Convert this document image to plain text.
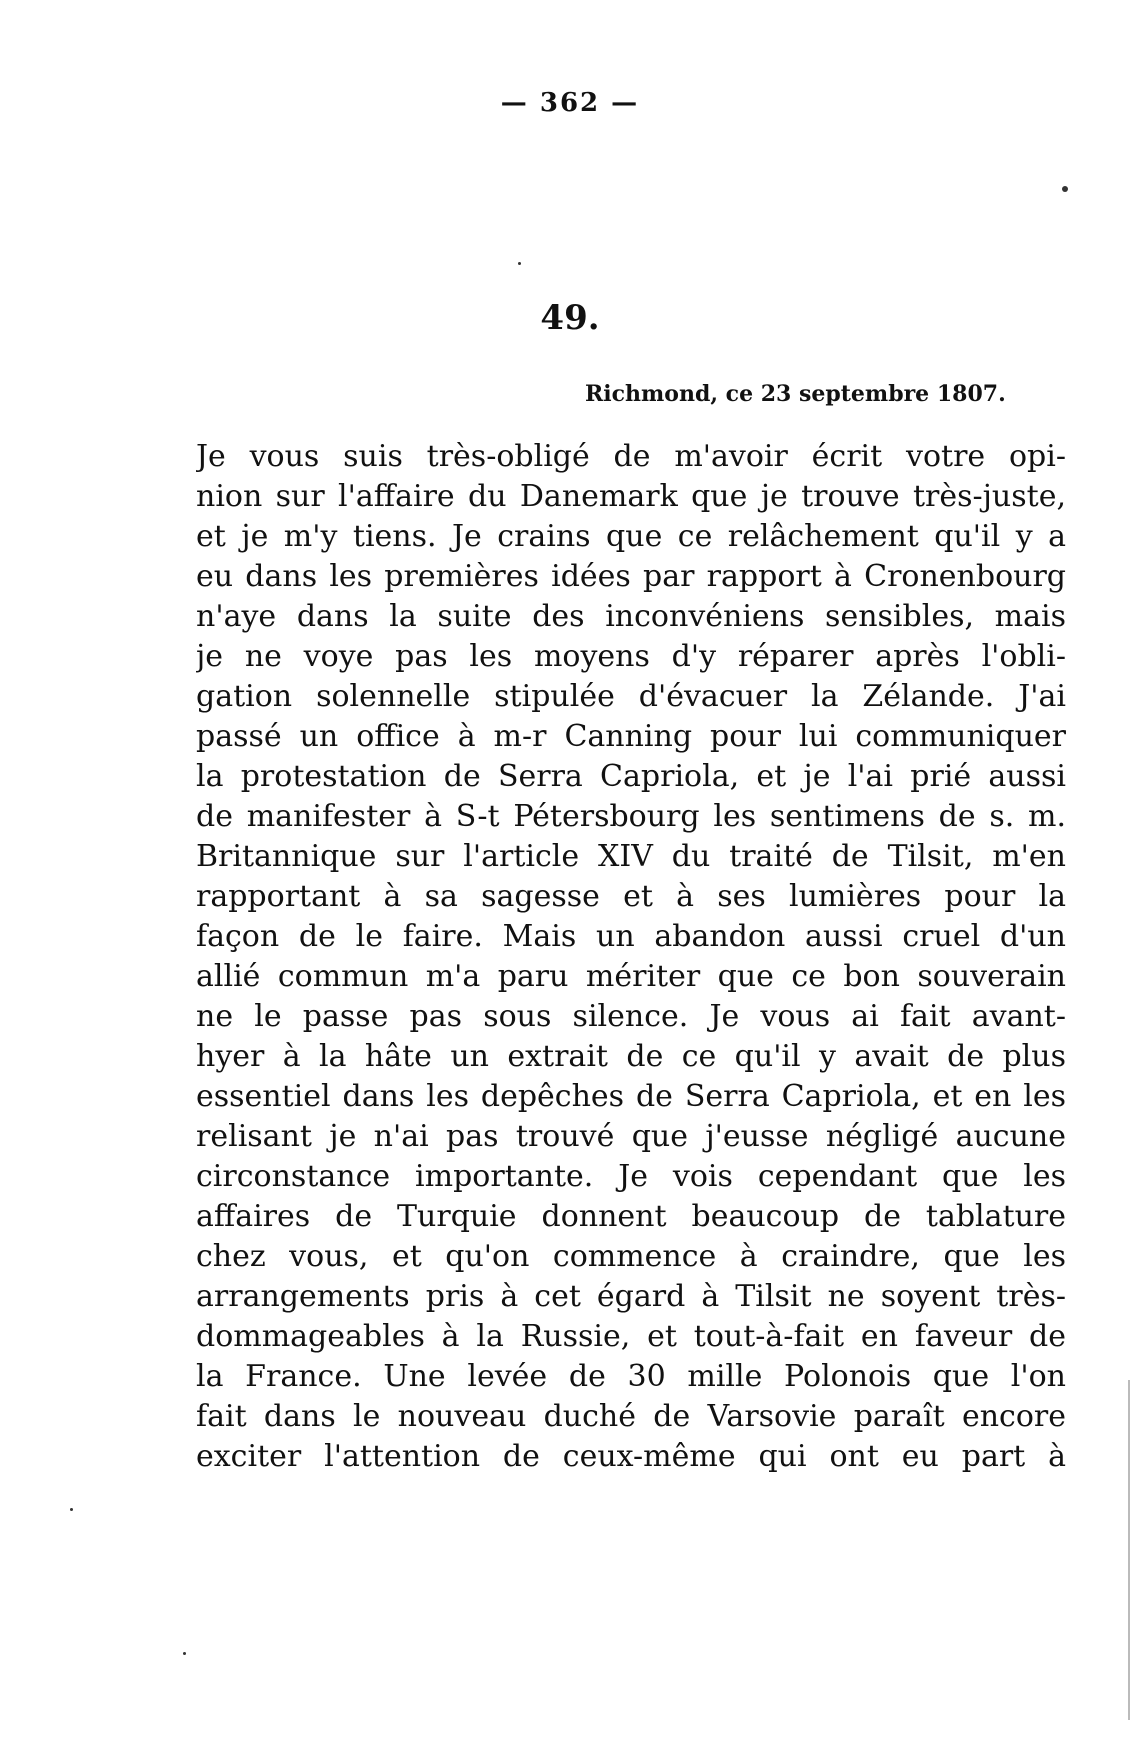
— 362 —
49.
Richmond, ce 23 septembre 1807.
Je vous suis très-obligé de m'avoir écrit votre opi-
nion sur l'affaire du Danemark que je trouve très-juste,
et je m'y tiens. Je crains que ce relâchement qu'il y a
eu dans les premières idées par rapport à Cronenbourg
n'aye dans la suite des inconvéniens sensibles, mais
je ne voye pas les moyens d'y réparer après l'obli-
gation solennelle stipulée d'évacuer la Zélande. J'ai
passé un office à m-r Canning pour lui communiquer
la protestation de Serra Capriola, et je l'ai prié aussi
de manifester à S-t Pétersbourg les sentimens de s. m.
Britannique sur l'article XIV du traité de Tilsit, m'en
rapportant à sa sagesse et à ses lumières pour la
façon de le faire. Mais un abandon aussi cruel d'un
allié commun m'a paru mériter que ce bon souverain
ne le passe pas sous silence. Je vous ai fait avant-
hyer à la hâte un extrait de ce qu'il y avait de plus
essentiel dans les depêches de Serra Capriola, et en les
relisant je n'ai pas trouvé que j'eusse négligé aucune
circonstance importante. Je vois cependant que les
affaires de Turquie donnent beaucoup de tablature
chez vous, et qu'on commence à craindre, que les
arrangements pris à cet égard à Tilsit ne soyent très-
dommageables à la Russie, et tout-à-fait en faveur de
la France. Une levée de 30 mille Polonois que l'on
fait dans le nouveau duché de Varsovie paraît encore
exciter l'attention de ceux-même qui ont eu part à
